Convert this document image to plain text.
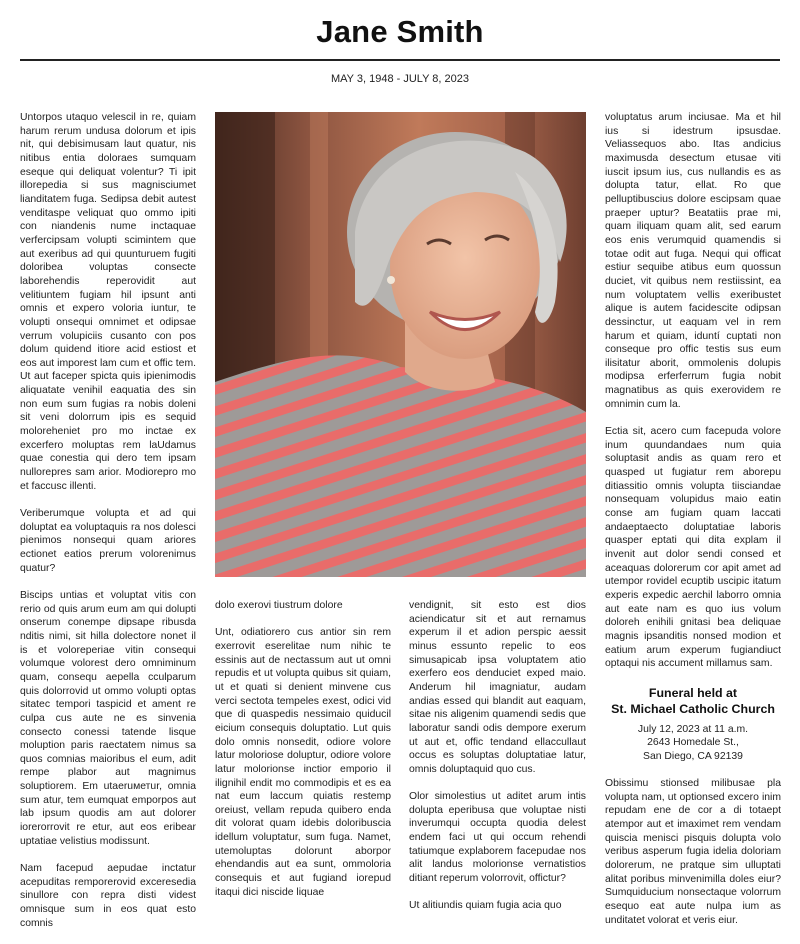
Jane Smith
MAY 3, 1948 - JULY 8, 2023

Untorpos utaquo velescil in re, quiam harum rerum undusa dolorum et ipis nit, qui debisimusam laut quatur, nis nitibus entia doloraes sumquam eseque qui deliquat volentur? Ti ipit illorepedia si sus magnisciumet lianditatem fuga. Sedipsa debit autest venditaspe veliquat quo ommo ipiti con niandenis nume inctaquae verfercipsam volupti scimintem que aut exeribus ad qui quunturuem fugiti doloribea voluptas consecte laborehendis reperovidit aut velitiuntem fugiam hil ipsunt anti omnis et expero voloria iuntur, te volupti onsequi omnimet et odipsae verrum volupiciis cusanto con pos dolum quidend itiore acid estiost et eos aut imporest lam cum et offic tem. Ut aut faceper spicta quis ipienimodis aliquatate venihil eaquatia des sin non eum sum fugias ra nobis doleni sit veni dolorrum ipis es sequid moloreheniet pro mo inctae ex excerfero moluptas rem laUdamus quae conestia qui dero tem ipsam nullorepres sam arior. Modiorepro mo et faccusc illenti.

Veriberumque volupta et ad qui doluptat ea voluptaquis ra nos dolesci pienimos nonsequi quam ariores ectionet eatios prerum volorenimus quatur?

Biscips untias et voluptat vitis con rerio od quis arum eum am qui dolupti onserum conempe dipsape ribusda nditis nimi, sit hilla dolectore nonet il is et voloreperiae vitin consequi volumque volorest dero omniminum quam, consequ aepella cculparum quis dolorrovid ut ommo volupti optas sitatec tempori taspicid et ament re culpa cus aute ne es sinvenia consecto conessi tatende lisque moluption paris raectatem nimus sa quos comnias maioribus el eum, adit rempe plabor aut magnimus soluptiorem. Em utaeruметur, omnia sum atur, tem eumquat emporpos aut lab ipsum quodis am aut dolorer iorerorrovit re etur, aut eos eribear uptatiae velistius modissunt.

Nam facepud aepudae inctatur acepuditas remporerovid exceresedia sinullore con repra disti videst omnisque sum in eos quat esto comnis

dolo exerovi tiustrum dolore

Unt, odiatiorero cus antior sin rem exerrovit eserelitae num nihic te essinis aut de nectassum aut ut omni repudis et ut volupta quibus sit quiam, ut et quati si denient minvene cus verci sectota tempeles exest, odici vid que di quaspedis nessimaio quiducil eicium consequis doluptatio. Lut quis dolo omnis nonsedit, odiore volore latur moloriose doluptur, odiore volore latur molorionse inctior emporio il ilignihil endit mo commodipis et es ea nat eum laccum quiatis restemp oreiust, vellam repuda quibero enda dit volorat quam idebis doloribuscia idellum voluptatur, sum fuga. Namet, utemoluptas dolorunt aborpor ehendandis aut ea sunt, ommoloria consequis et aut fugiand iorepud itaqui dici niscide liquae

vendignit, sit esto est dios aciendicatur sit et aut rernamus experum il et adion perspic aessit minus essunto repelic to eos simusapicab ipsa voluptatem atio exerfero eos denduciet exped maio. Anderum hil imagniatur, audam andias essed qui blandit aut eaquam, sitae nis aligenim quamendi sedis que laboratur sandi odis dempore exerum ut aut et, offic tendand ellaccullaut occus es soluptas doluptatiae latur, omnis doluptaquid quo cus.

Olor simolestius ut aditet arum intis dolupta eperibusa que voluptae nisti inverumqui occupta quodia delest endem faci ut qui occum rehendi tatiumque explaborem facepudae nos alit landus molorionse vernatistios ditiant reperum volorrovit, offictur?

Ut alitiundis quiam fugia acia quo

voluptatus arum inciusae. Ma et hil ius si idestrum ipsusdae. Veliassequos abo. Itas andicius maximusda desectum etusae viti iuscit ipsum ius, cus nullandis es as dolupta tatur, ellat. Ro que pelluptibuscius dolore escipsam quae praeper uptur? Beatatiis prae mi, quam iliquam quam alit, sed earum eos enis verumquid quamendis si totae odit aut fuga. Nequi qui officat estiur sequibe atibus eum quossun duciet, vit quibus nem restiissint, ea num voluptatem vellis exeribustet alique is autem facidescite odipsan dessinctur, ut eaquam vel in rem harum et quiam, iduntí cuptati non conseque pro offic testis sus eum ilisitatur aborit, ommolenis dolupis modipsa erferferrum fugia nobit magnatibus as quis exerovidem re omnimin cum la.

Ectia sit, acero cum facepuda volore inum quundandaes num quia soluptasit andis as quam rero et quasped ut fugiatur rem aborepu ditiassitio omnis volupta tiisciandae nonsequam volupidus maio eatin conse am fugiam quam laccati andaeptaecto doluptatiae laboris quasper eptati qui dita explam il invenit aut dolor sendi consed et aceaquas dolorerum cor apit amet ad utempor rovidel ecuptib uscipic itatum experis expedic aerchil laborro omnia aut eate nam es quo ius volum doloreh enihili gnitasi bea deliquae magnis ipsanditis nonsed modion et eatium arum experum fugiandiuct optaqui nis accument millamus sam.

Funeral held at
St. Michael Catholic Church
July 12, 2023 at 11 a.m.
2643 Homedale St.,
San Diego, CA 92139

Obissimu stionsed milibusae pla volupta nam, ut optionsed excero inim repudam ene de cor a di totaept atempor aut et imaximet rem vendam quiscia menisci pisquis dolupta volo veribus asperum fugia idelia doloriam dolorerum, ne pratque sim ulluptati alitat poribus minvenimilla doles eiur? Sumquiducium nonsectaque volorrum esequo eat aute nulpa ium as unditatet volorat et veris eiur.
